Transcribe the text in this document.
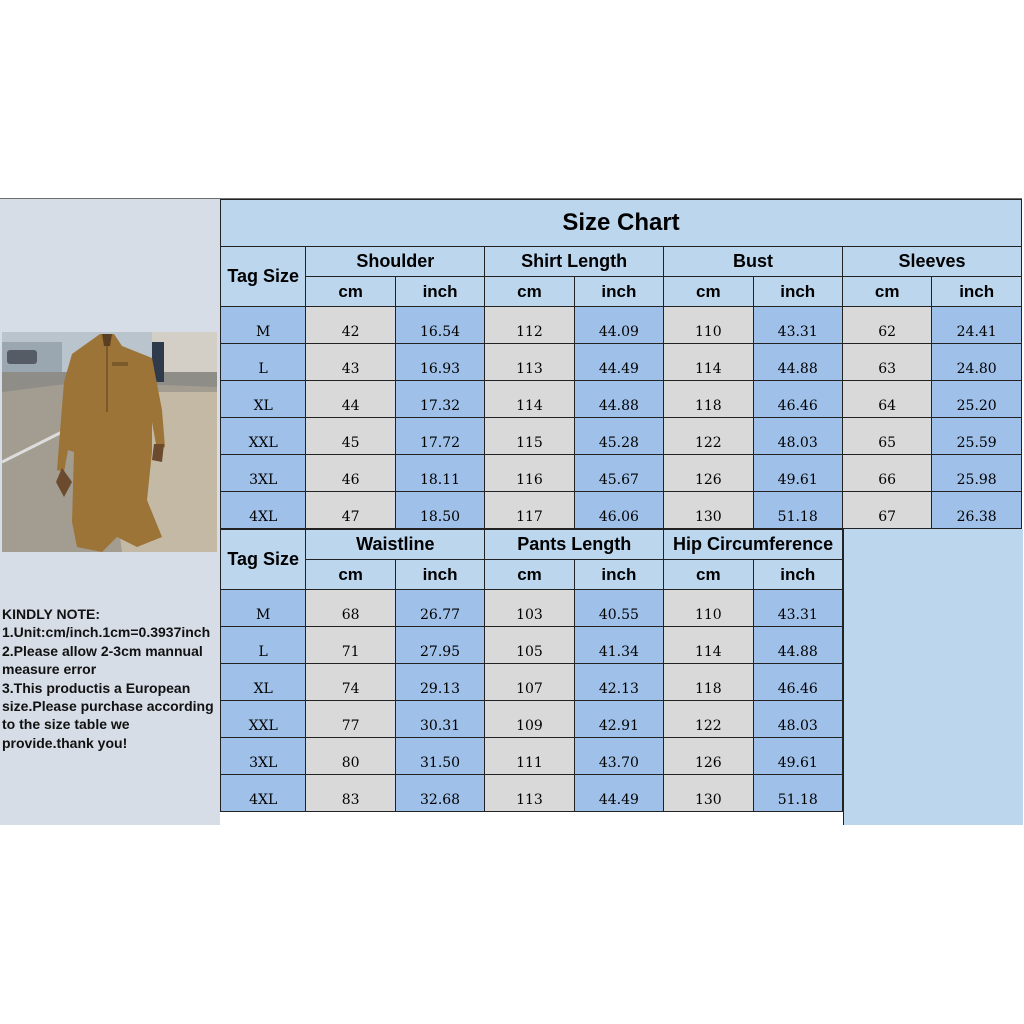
KINDLY NOTE:
1.Unit:cm/inch.1cm=0.3937inch
2.Please allow 2-3cm mannual measure error
3.This productis a European size.Please purchase according to the size table we provide.thank you!
Size Chart								
Tag Size	Shoulder		Shirt Length		Bust		Sleeves	
	cm	inch	cm	inch	cm	inch	cm	inch
M	42	16.54	112	44.09	110	43.31	62	24.41
L	43	16.93	113	44.49	114	44.88	63	24.80
XL	44	17.32	114	44.88	118	46.46	64	25.20
XXL	45	17.72	115	45.28	122	48.03	65	25.59
3XL	46	18.11	116	45.67	126	49.61	66	25.98
4XL	47	18.50	117	46.06	130	51.18	67	26.38
Tag Size	Waistline		Pants Length		Hip Circumference	
	cm	inch	cm	inch	cm	inch
M	68	26.77	103	40.55	110	43.31
L	71	27.95	105	41.34	114	44.88
XL	74	29.13	107	42.13	118	46.46
XXL	77	30.31	109	42.91	122	48.03
3XL	80	31.50	111	43.70	126	49.61
4XL	83	32.68	113	44.49	130	51.18
